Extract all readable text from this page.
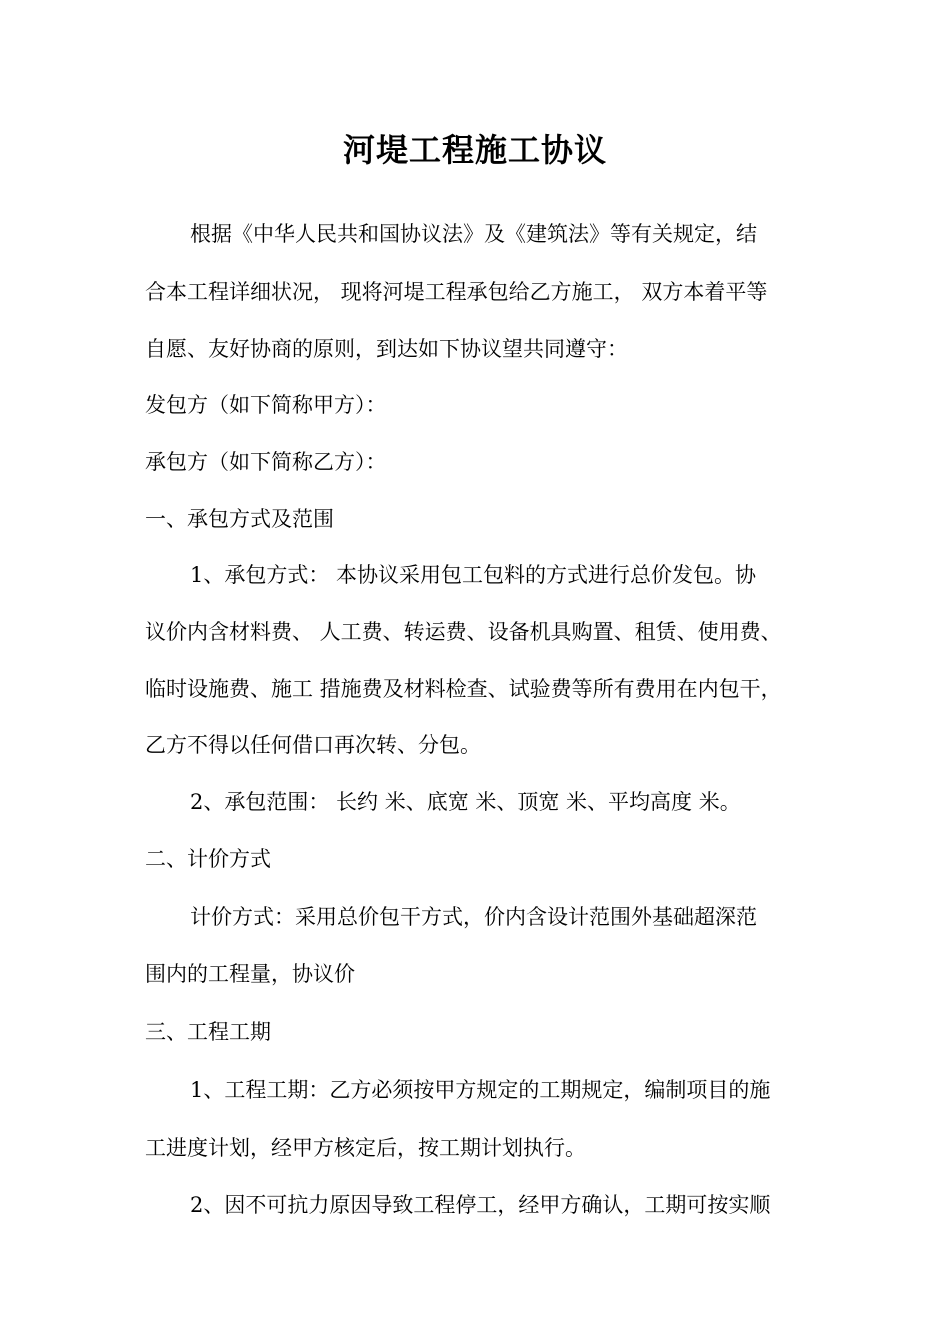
河堤工程施工协议
根据《中华人民共和国协议法》及《建筑法》等有关规定，结
合本工程详细状况， 现将河堤工程承包给乙方施工， 双方本着平等
自愿、友好协商的原则，到达如下协议望共同遵守：
发包方（如下简称甲方）：
承包方（如下简称乙方）：
一、承包方式及范围
1、承包方式： 本协议采用包工包料的方式进行总价发包。协
议价内含材料费、 人工费、转运费、设备机具购置、租赁、使用费、
临时设施费、施工 措施费及材料检查、试验费等所有费用在内包干，
乙方不得以任何借口再次转、分包。
2、承包范围： 长约 米、底宽 米、顶宽 米、平均高度 米。
二、计价方式
计价方式：采用总价包干方式，价内含设计范围外基础超深范
围内的工程量，协议价
三、工程工期
1、工程工期：乙方必须按甲方规定的工期规定，编制项目的施
工进度计划，经甲方核定后，按工期计划执行。
2、因不可抗力原因导致工程停工，经甲方确认，工期可按实顺
